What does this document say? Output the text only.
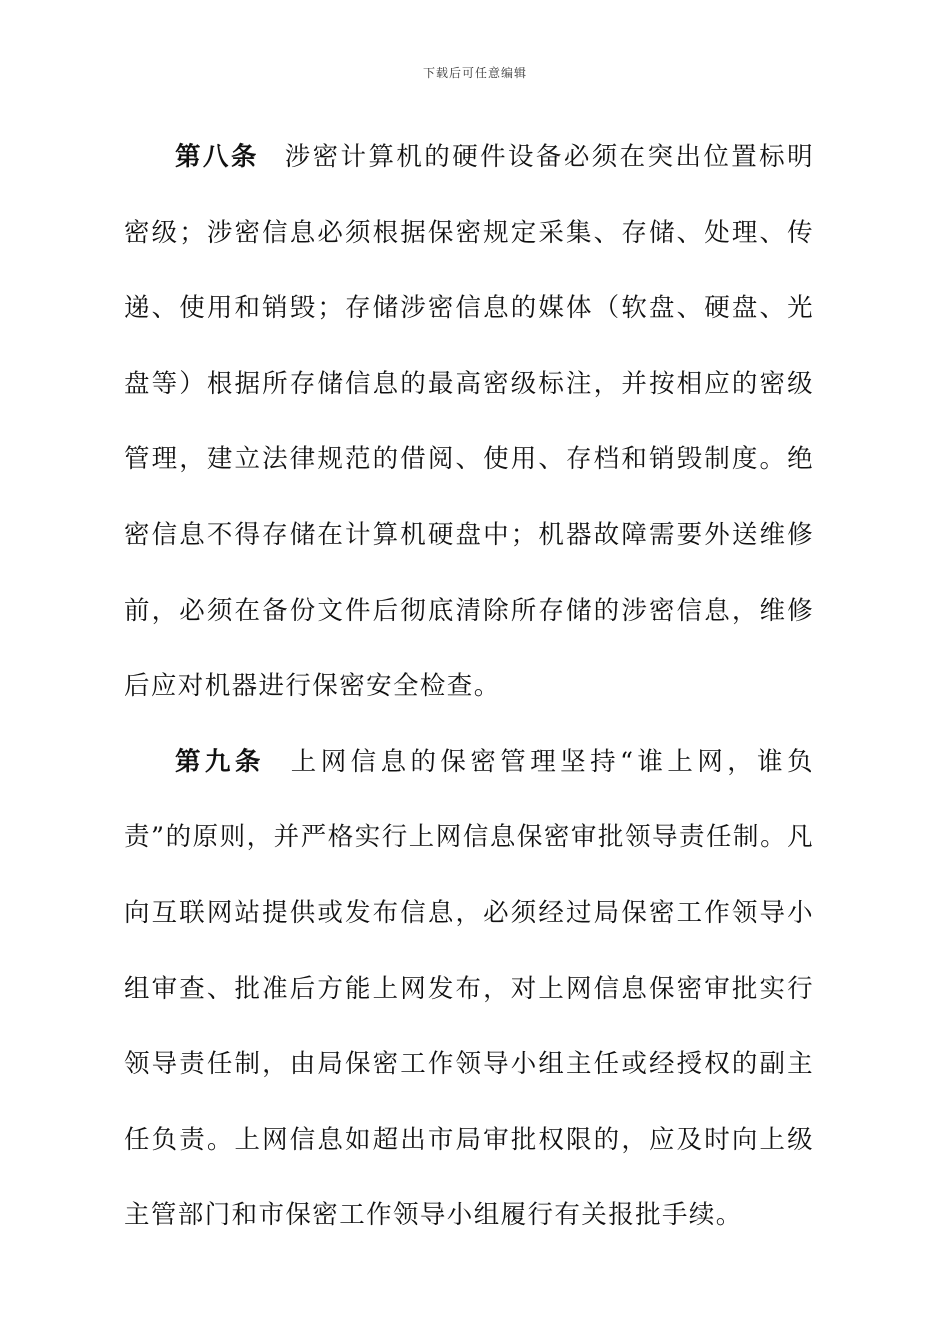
下载后可任意编辑

第八条 涉密计算机的硬件设备必须在突出位置标明密级；涉密信息必须根据保密规定采集、存储、处理、传递、使用和销毁；存储涉密信息的媒体（软盘、硬盘、光盘等）根据所存储信息的最高密级标注，并按相应的密级管理，建立法律规范的借阅、使用、存档和销毁制度。绝密信息不得存储在计算机硬盘中；机器故障需要外送维修前，必须在备份文件后彻底清除所存储的涉密信息，维修后应对机器进行保密安全检查。

第九条 上网信息的保密管理坚持“谁上网，谁负责”的原则，并严格实行上网信息保密审批领导责任制。凡向互联网站提供或发布信息，必须经过局保密工作领导小组审查、批准后方能上网发布，对上网信息保密审批实行领导责任制，由局保密工作领导小组主任或经授权的副主任负责。上网信息如超出市局审批权限的，应及时向上级主管部门和市保密工作领导小组履行有关报批手续。
